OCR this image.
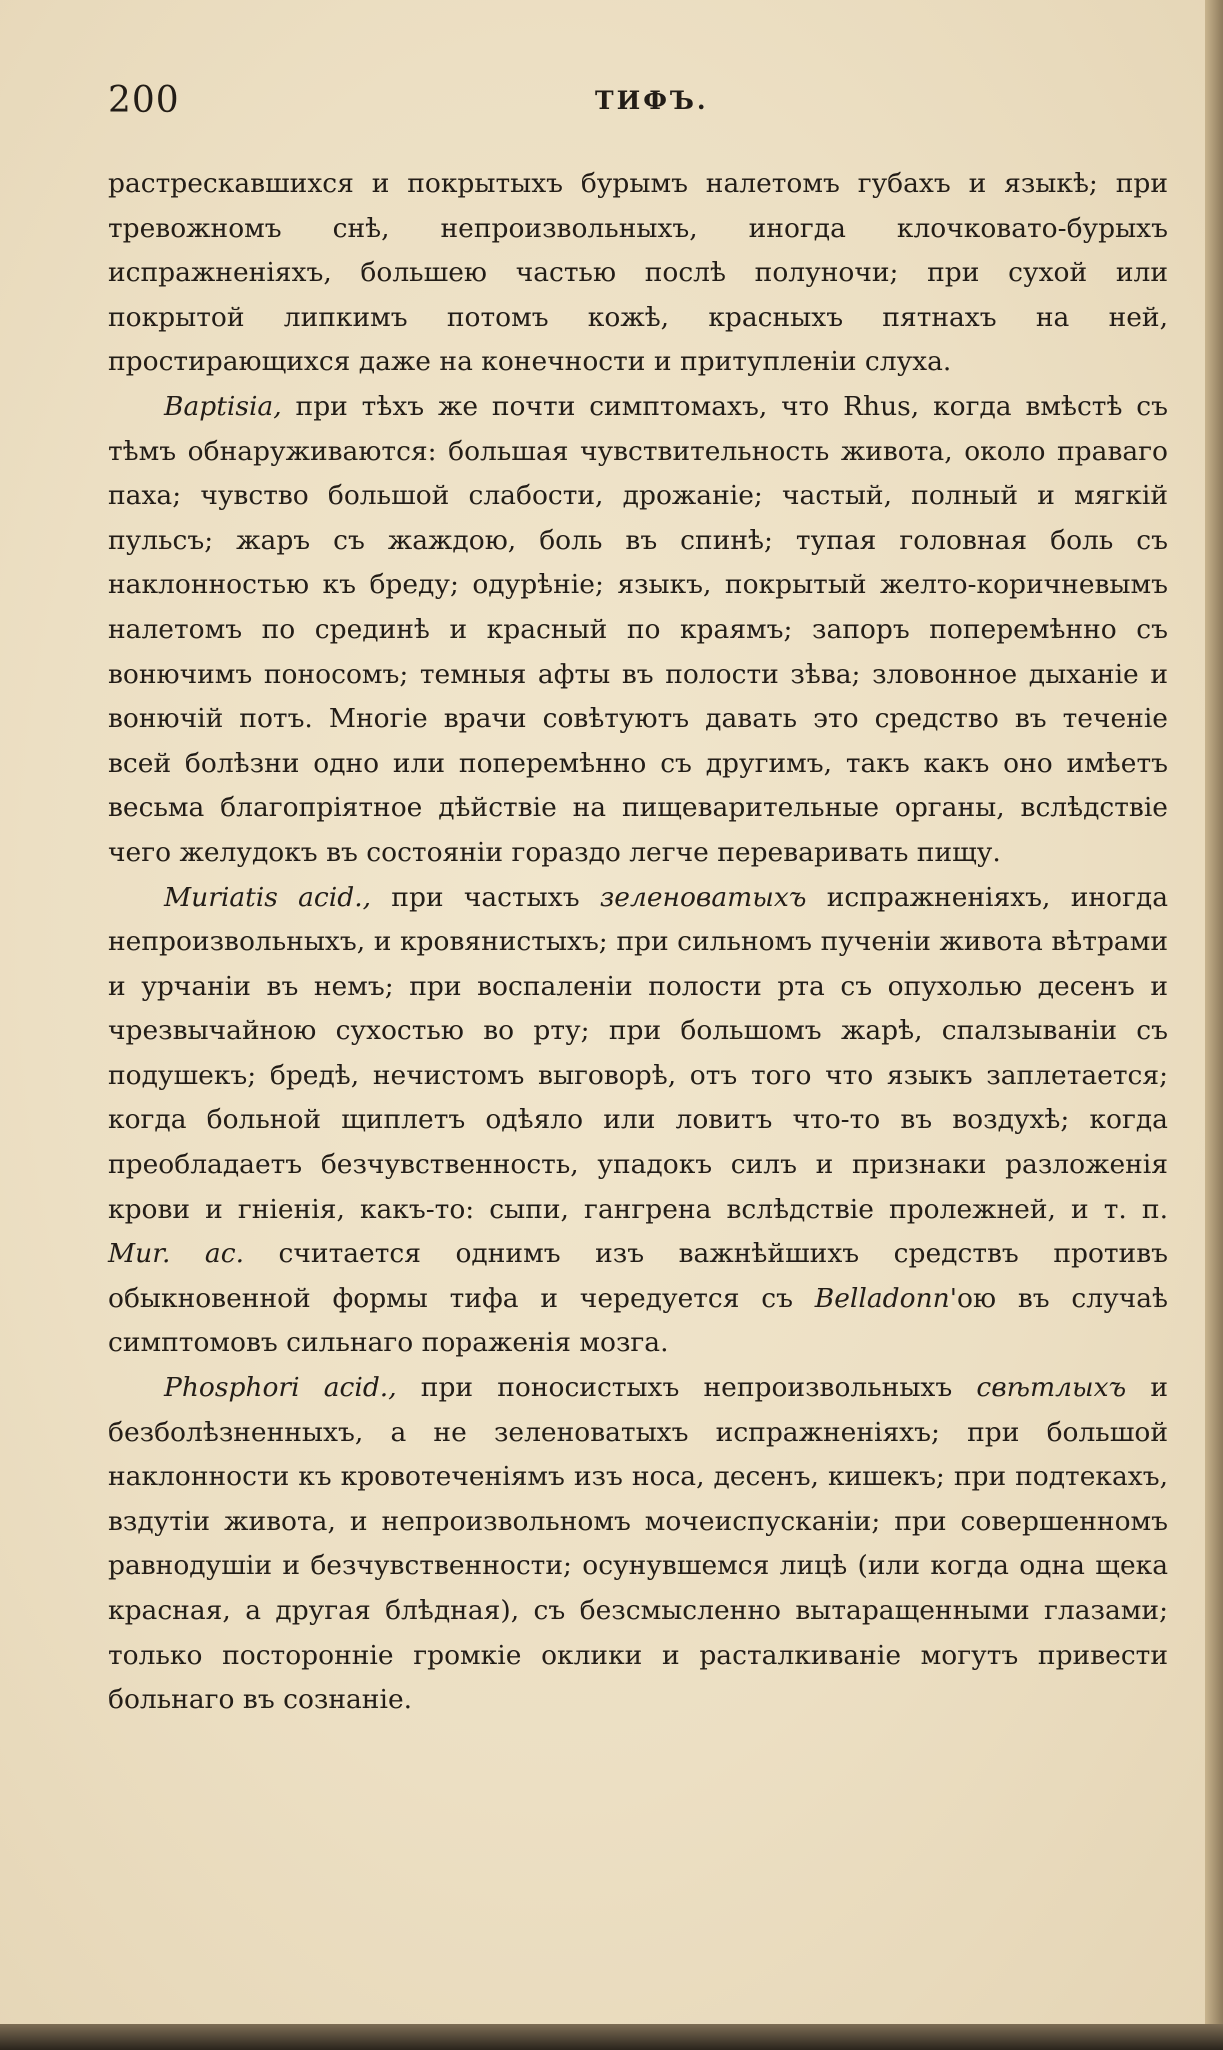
200	ТИФЪ.

растрескавшихся и покрытыхъ бурымъ налетомъ губахъ и языкѣ; при тревожномъ снѣ, непроизвольныхъ, иногда клочковато-бурыхъ испражненiяхъ, большею частью послѣ полуночи; при сухой или покрытой липкимъ потомъ кожѣ, красныхъ пятнахъ на ней, простирающихся даже на конечности и притупленiи слуха.

Baptisia, при тѣхъ же почти симптомахъ, что Rhus, когда вмѣстѣ съ тѣмъ обнаруживаются: большая чувствительность живота, около праваго паха; чувство большой слабости, дрожанiе; частый, полный и мягкiй пульсъ; жаръ съ жаждою, боль въ спинѣ; тупая головная боль съ наклонностью къ бреду; одурѣнiе; языкъ, покрытый желто-коричневымъ налетомъ по срединѣ и красный по краямъ; запоръ поперемѣнно съ вонючимъ поносомъ; темныя афты въ полости зѣва; зловонное дыханiе и вонючiй потъ. Многiе врачи совѣтуютъ давать это средство въ теченiе всей болѣзни одно или поперемѣнно съ другимъ, такъ какъ оно имѣетъ весьма благопрiятное дѣйствiе на пищеварительные органы, вслѣдствiе чего желудокъ въ состоянiи гораздо легче переваривать пищу.

Muriatis acid., при частыхъ зеленоватыхъ испражненiяхъ, иногда непроизвольныхъ, и кровянистыхъ; при сильномъ пученiи живота вѣтрами и урчанiи въ немъ; при воспаленiи полости рта съ опухолью десенъ и чрезвычайною сухостью во рту; при большомъ жарѣ, спалзыванiи съ подушекъ; бредѣ, нечистомъ выговорѣ, отъ того что языкъ заплетается; когда больной щиплетъ одѣяло или ловитъ что-то въ воздухѣ; когда преобладаетъ безчувственность, упадокъ силъ и признаки разложенiя крови и гнiенiя, какъ-то: сыпи, гангрена вслѣдствiе пролежней, и т. п. Mur. ac. считается однимъ изъ важнѣйшихъ средствъ противъ обыкновенной формы тифа и чередуется съ Belladonn'ою въ случаѣ симптомовъ сильнаго пораженiя мозга.

Phosphori acid., при поносистыхъ непроизвольныхъ свѣтлыхъ и безболѣзненныхъ, а не зеленоватыхъ испражненiяхъ; при большой наклонности къ кровотеченiямъ изъ носа, десенъ, кишекъ; при подтекахъ, вздутiи живота, и непроизвольномъ мочеиспусканiи; при совершенномъ равнодушiи и безчувственности; осунувшемся лицѣ (или когда одна щека красная, а другая блѣдная), съ безсмысленно вытаращенными глазами; только посторонніе громкiе оклики и расталкиванiе могутъ привести больнаго въ сознанiе.
